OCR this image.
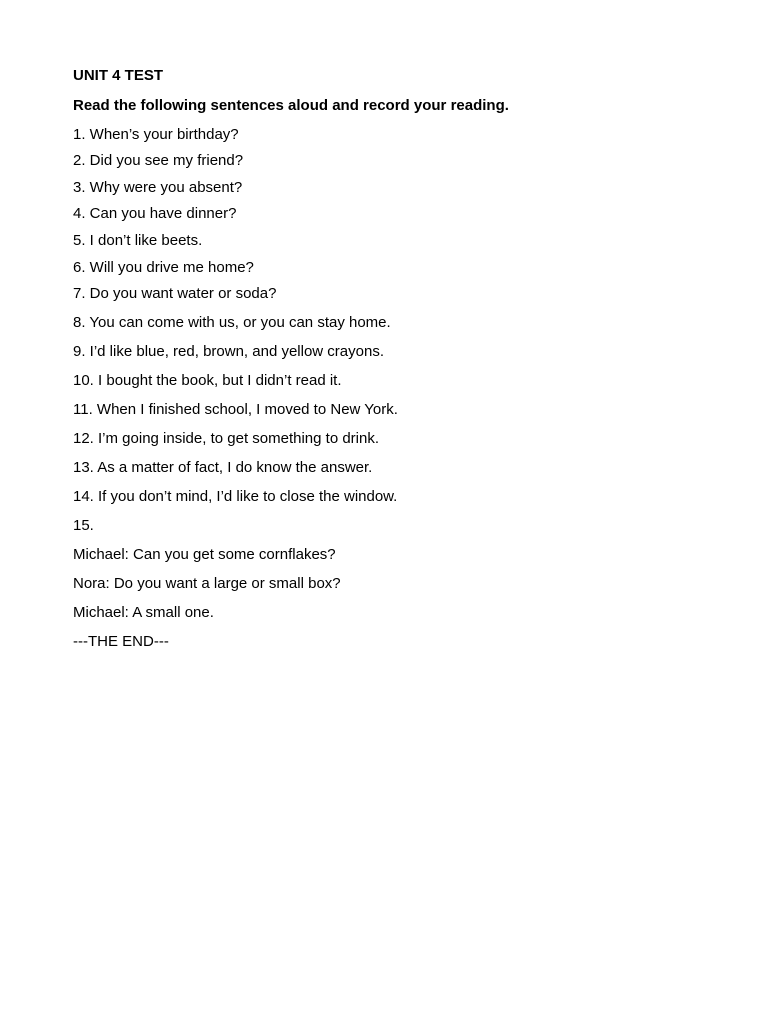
UNIT 4 TEST
Read the following sentences aloud and record your reading.
1. When’s your birthday?
2. Did you see my friend?
3. Why were you absent?
4. Can you have dinner?
5. I don’t like beets.
6. Will you drive me home?
7. Do you want water or soda?
8. You can come with us, or you can stay home.
9. I’d like blue, red, brown, and yellow crayons.
10. I bought the book, but I didn’t read it.
11. When I finished school, I moved to New York.
12. I’m going inside, to get something to drink.
13. As a matter of fact, I do know the answer.
14. If you don’t mind, I’d like to close the window.
15.
Michael: Can you get some cornflakes?
Nora: Do you want a large or small box?
Michael: A small one.
---THE END---
